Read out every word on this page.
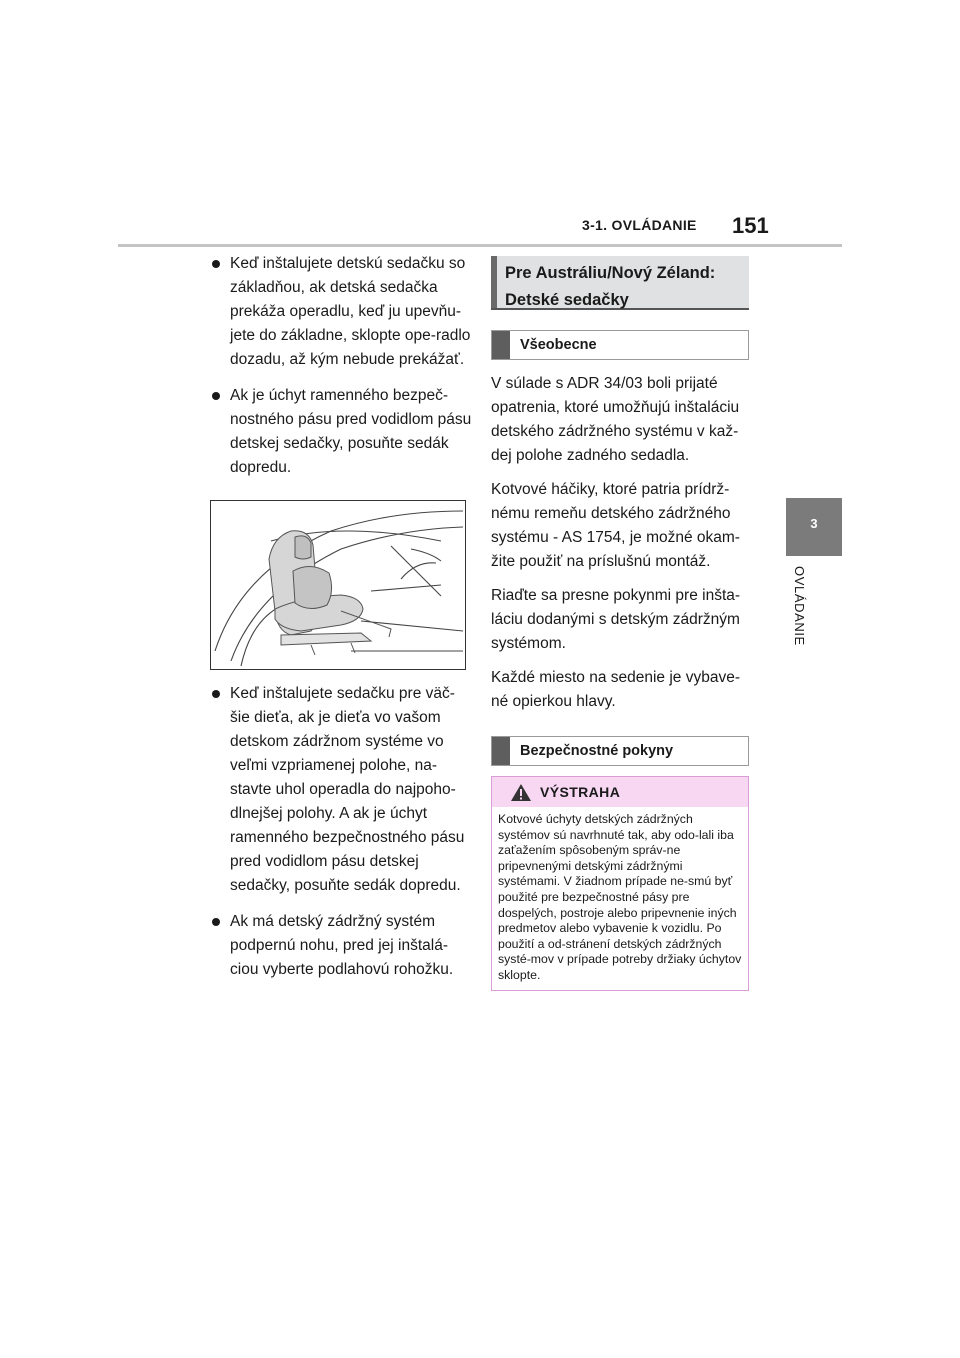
3-1. OVLÁDANIE 151
3
OVLÁDANIE
Keď inštalujete detskú sedačku so základňou, ak detská sedačka prekáža operadlu, keď ju upevňu-jete do základne, sklopte ope-radlo dozadu, až kým nebude prekážať.
Ak je úchyt ramenného bezpeč-nostného pásu pred vodidlom pásu detskej sedačky, posuňte sedák dopredu.
Keď inštalujete sedačku pre väč-šie dieťa, ak je dieťa vo vašom detskom zádržnom systéme vo veľmi vzpriamenej polohe, na-stavte uhol operadla do najpoho-dlnejšej polohy. A ak je úchyt ramenného bezpečnostného pásu pred vodidlom pásu detskej sedačky, posuňte sedák dopredu.
Ak má detský zádržný systém podpernú nohu, pred jej inštalá-ciou vyberte podlahovú rohožku.
Pre Austráliu/Nový Zéland:
Detské sedačky
Všeobecne
V súlade s ADR 34/03 boli prijaté opatrenia, ktoré umožňujú inštaláciu detského zádržného systému v kaž-dej polohe zadného sedadla.
Kotvové háčiky, ktoré patria prídrž-nému remeňu detského zádržného systému - AS 1754, je možné okam-žite použiť na príslušnú montáž.
Riaďte sa presne pokynmi pre inšta-láciu dodanými s detským zádržným systémom.
Každé miesto na sedenie je vybave-né opierkou hlavy.
Bezpečnostné pokyny
VÝSTRAHA
Kotvové úchyty detských zádržných systémov sú navrhnuté tak, aby odo-lali iba zaťažením spôsobeným správ-ne pripevnenými detskými zádržnými systémami. V žiadnom prípade ne-smú byť použité pre bezpečnostné pásy pre dospelých, postroje alebo pripevnenie iných predmetov alebo vybavenie k vozidlu. Po použití a od-stránení detských zádržných systé-mov v prípade potreby držiaky úchytov sklopte.
